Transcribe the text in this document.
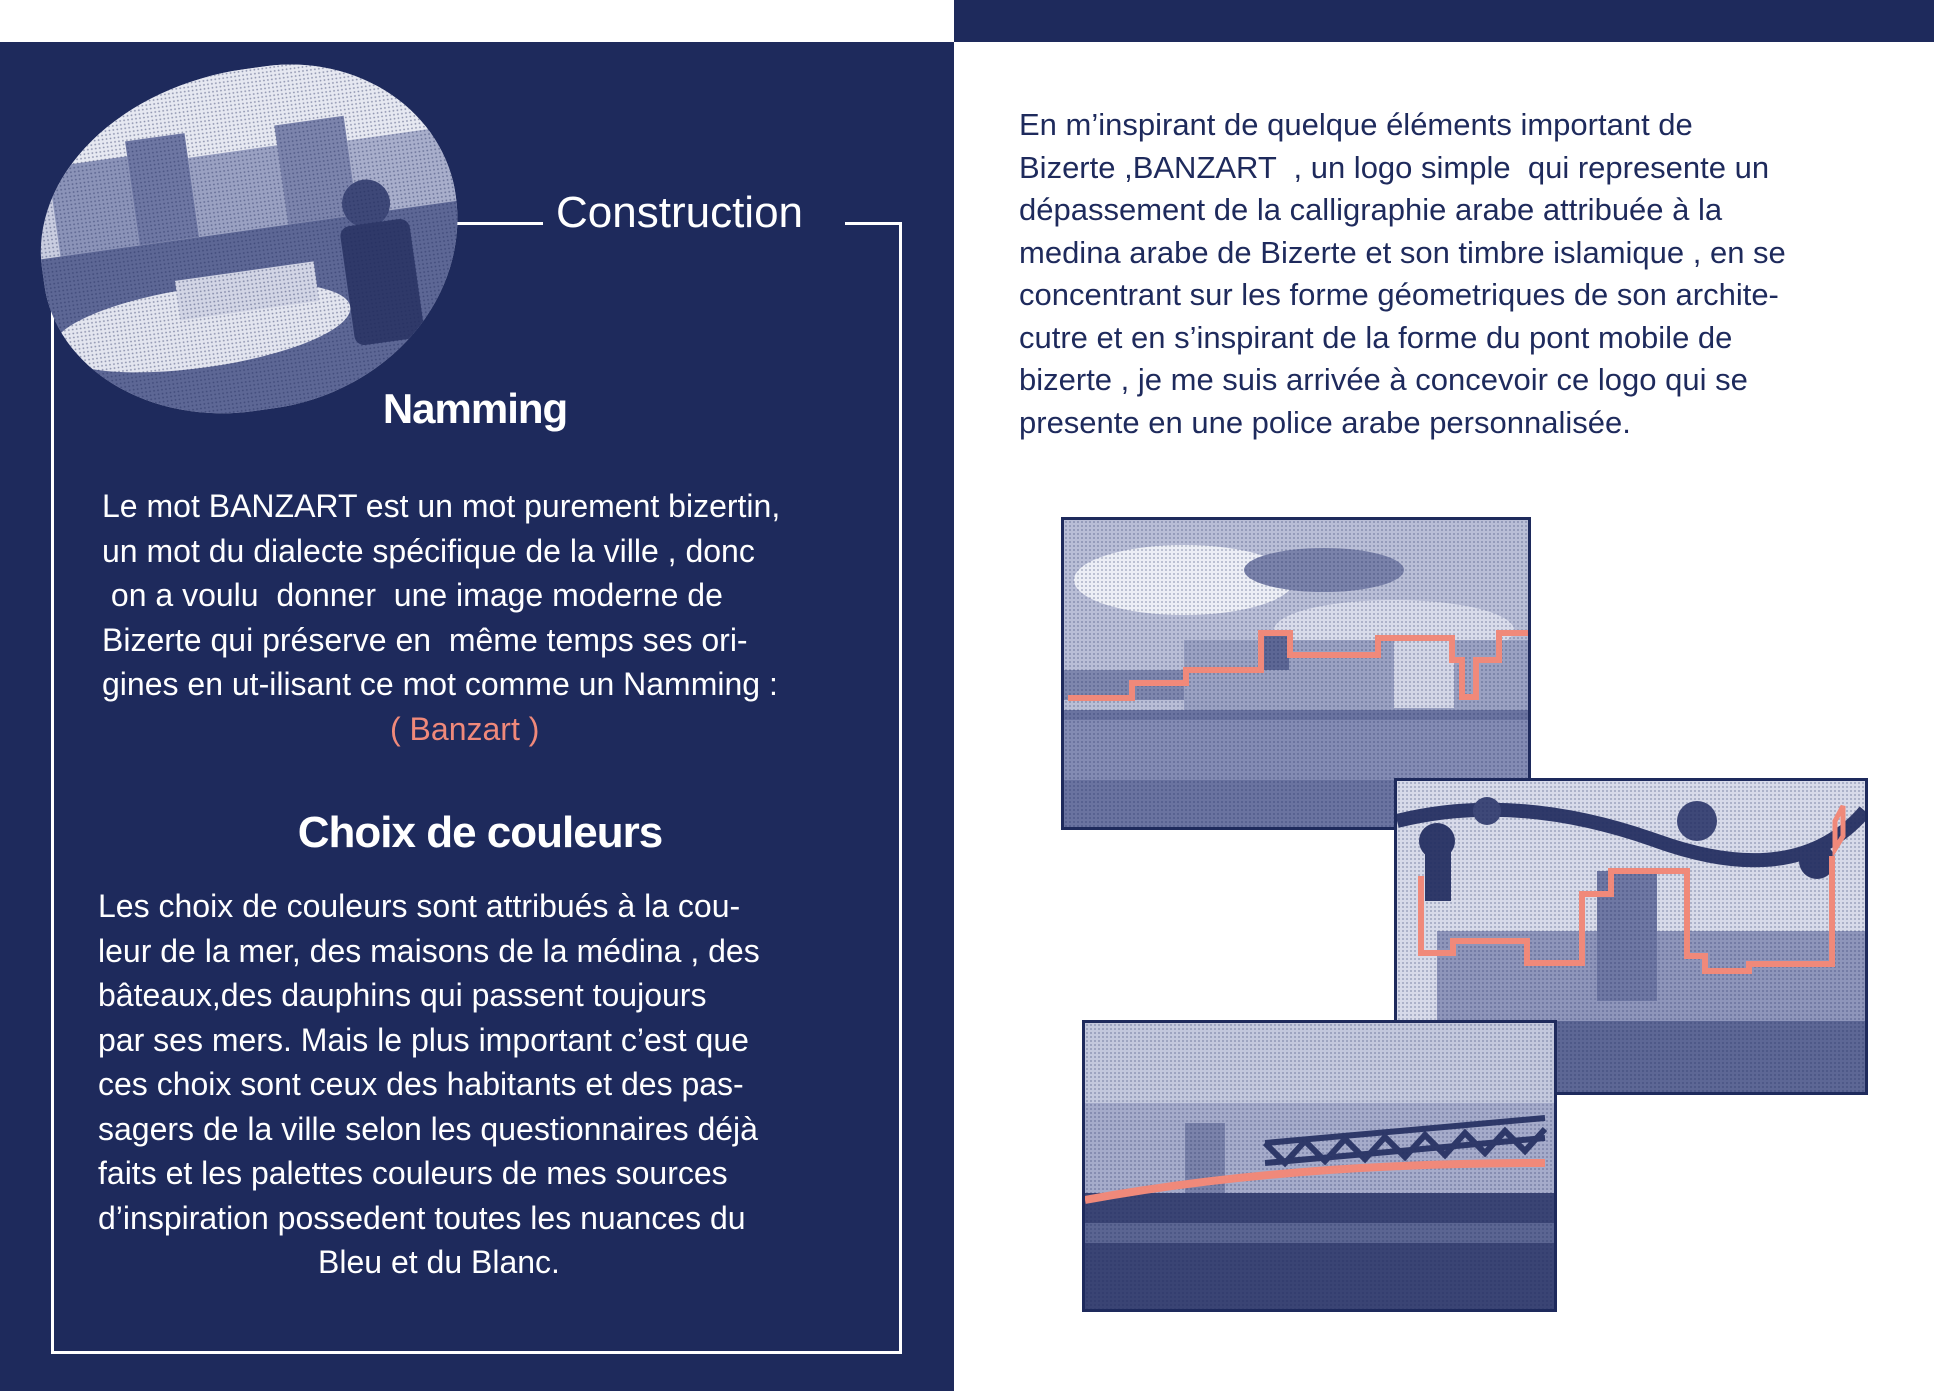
Construction
Namming
Le mot BANZART est un mot purement bizertin,
un mot du dialecte spécifique de la ville , donc
on a voulu  donner  une image moderne de
Bizerte qui préserve en  même temps ses ori-
gines en ut-ilisant ce mot comme un Namming :
( Banzart )
Choix de couleurs
Les choix de couleurs sont attribués à la cou-
leur de la mer, des maisons de la médina , des
bâteaux,des dauphins qui passent toujours
par ses mers. Mais le plus important c’est que
ces choix sont ceux des habitants et des pas-
sagers de la ville selon les questionnaires déjà
faits et les palettes couleurs de mes sources
d’inspiration possedent toutes les nuances du
Bleu et du Blanc.
En m’inspirant de quelque éléments important de
Bizerte ,BANZART  , un logo simple  qui represente un
dépassement de la calligraphie arabe attribuée à la
medina arabe de Bizerte et son timbre islamique , en se
concentrant sur les forme géometriques de son archite-
cutre et en s’inspirant de la forme du pont mobile de
bizerte , je me suis arrivée à concevoir ce logo qui se
presente en une police arabe personnalisée.
